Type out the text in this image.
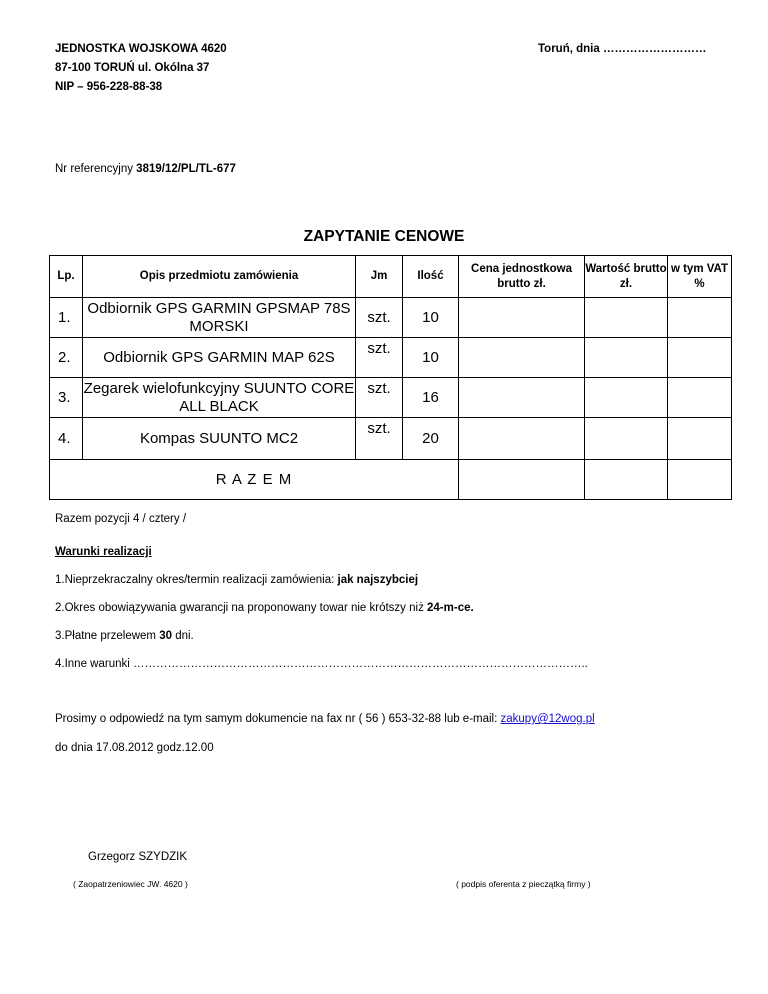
JEDNOSTKA WOJSKOWA 4620
87-100 TORUŃ ul. Okólna 37
NIP – 956-228-88-38
Toruń, dnia ………………………
Nr referencyjny 3819/12/PL/TL-677
ZAPYTANIE CENOWE
Lp.	Opis przedmiotu zamówienia	Jm	Ilość	Cena jednostkowa brutto zł.	Wartość brutto zł.	w tym VAT %
1.	Odbiornik GPS GARMIN GPSMAP 78S MORSKI	szt.	10			
2.	Odbiornik GPS GARMIN MAP 62S	szt.	10			
3.	Zegarek wielofunkcyjny SUUNTO CORE ALL BLACK	szt.	16			
4.	Kompas SUUNTO MC2	szt.	20			
R A Z E M						
Razem pozycji 4 / cztery /
Warunki realizacji
1.Nieprzekraczalny okres/termin realizacji zamówienia: jak najszybciej
2.Okres obowiązywania gwarancji na proponowany towar nie krótszy niż 24-m-ce.
3.Płatne przelewem 30 dni.
4.Inne warunki ………………………………………………………………………………………………………..
Prosimy o odpowiedź na tym samym dokumencie na fax nr ( 56 ) 653-32-88 lub e-mail: zakupy@12wog.pl
do dnia 17.08.2012 godz.12.00
Grzegorz SZYDZIK
( Zaopatrzeniowiec JW. 4620 )	( podpis oferenta z pieczątką firmy )
